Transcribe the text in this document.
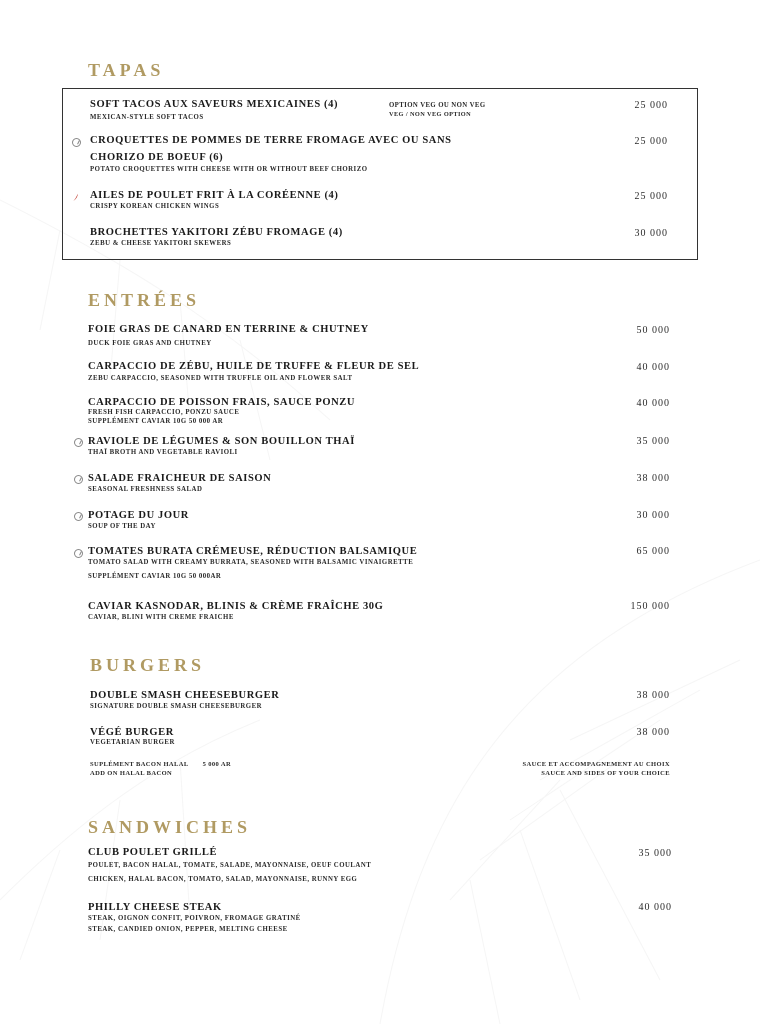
TAPAS
SOFT TACOS AUX SAVEURS MEXICAINES (4)
MEXICAN-STYLE SOFT TACOS
OPTION VEG OU NON VEG
VEG / NON VEG OPTION
25 000
CROQUETTES DE POMMES DE TERRE FROMAGE AVEC OU SANS
CHORIZO DE BOEUF (6)
POTATO CROQUETTES WITH CHEESE WITH OR WITHOUT BEEF CHORIZO
25 000
AILES DE POULET FRIT À LA CORÉENNE (4)
CRISPY KOREAN CHICKEN WINGS
25 000
BROCHETTES YAKITORI ZÉBU FROMAGE (4)
ZEBU & CHEESE YAKITORI SKEWERS
30 000
ENTRÉES
FOIE GRAS DE CANARD EN TERRINE & CHUTNEY
DUCK FOIE GRAS AND CHUTNEY
50 000
CARPACCIO DE ZÉBU, HUILE DE TRUFFE & FLEUR DE SEL
ZEBU CARPACCIO, SEASONED WITH TRUFFLE OIL AND FLOWER SALT
40 000
CARPACCIO DE POISSON FRAIS, SAUCE PONZU
FRESH FISH CARPACCIO, PONZU SAUCE
SUPPLÉMENT CAVIAR 10G 50 000 AR
40 000
RAVIOLE DE LÉGUMES & SON BOUILLON THAÏ
THAÏ BROTH AND VEGETABLE RAVIOLI
35 000
SALADE FRAICHEUR DE SAISON
SEASONAL FRESHNESS SALAD
38 000
POTAGE DU JOUR
SOUP OF THE DAY
30 000
TOMATES BURATA CRÉMEUSE, RÉDUCTION BALSAMIQUE
TOMATO SALAD WITH CREAMY BURRATA, SEASONED WITH BALSAMIC VINAIGRETTE
SUPPLÉMENT CAVIAR 10G 50 000AR
65 000
CAVIAR KASNODAR, BLINIS & CRÈME FRAÎCHE 30G
CAVIAR, BLINI WITH CREME FRAICHE
150 000
BURGERS
DOUBLE SMASH CHEESEBURGER
SIGNATURE DOUBLE SMASH CHEESEBURGER
38 000
VÉGÉ BURGER
VEGETARIAN BURGER
38 000
SUPLÉMENT BACON HALAL 5 000 AR
ADD ON HALAL BACON
SAUCE ET ACCOMPAGNEMENT AU CHOIX
SAUCE AND SIDES OF YOUR CHOICE
SANDWICHES
CLUB POULET GRILLÉ
POULET, BACON HALAL, TOMATE, SALADE, MAYONNAISE, OEUF COULANT
CHICKEN, HALAL BACON, TOMATO, SALAD, MAYONNAISE, RUNNY EGG
35 000
PHILLY CHEESE STEAK
STEAK, OIGNON CONFIT, POIVRON, FROMAGE GRATINÉ
STEAK, CANDIED ONION, PEPPER, MELTING CHEESE
40 000
